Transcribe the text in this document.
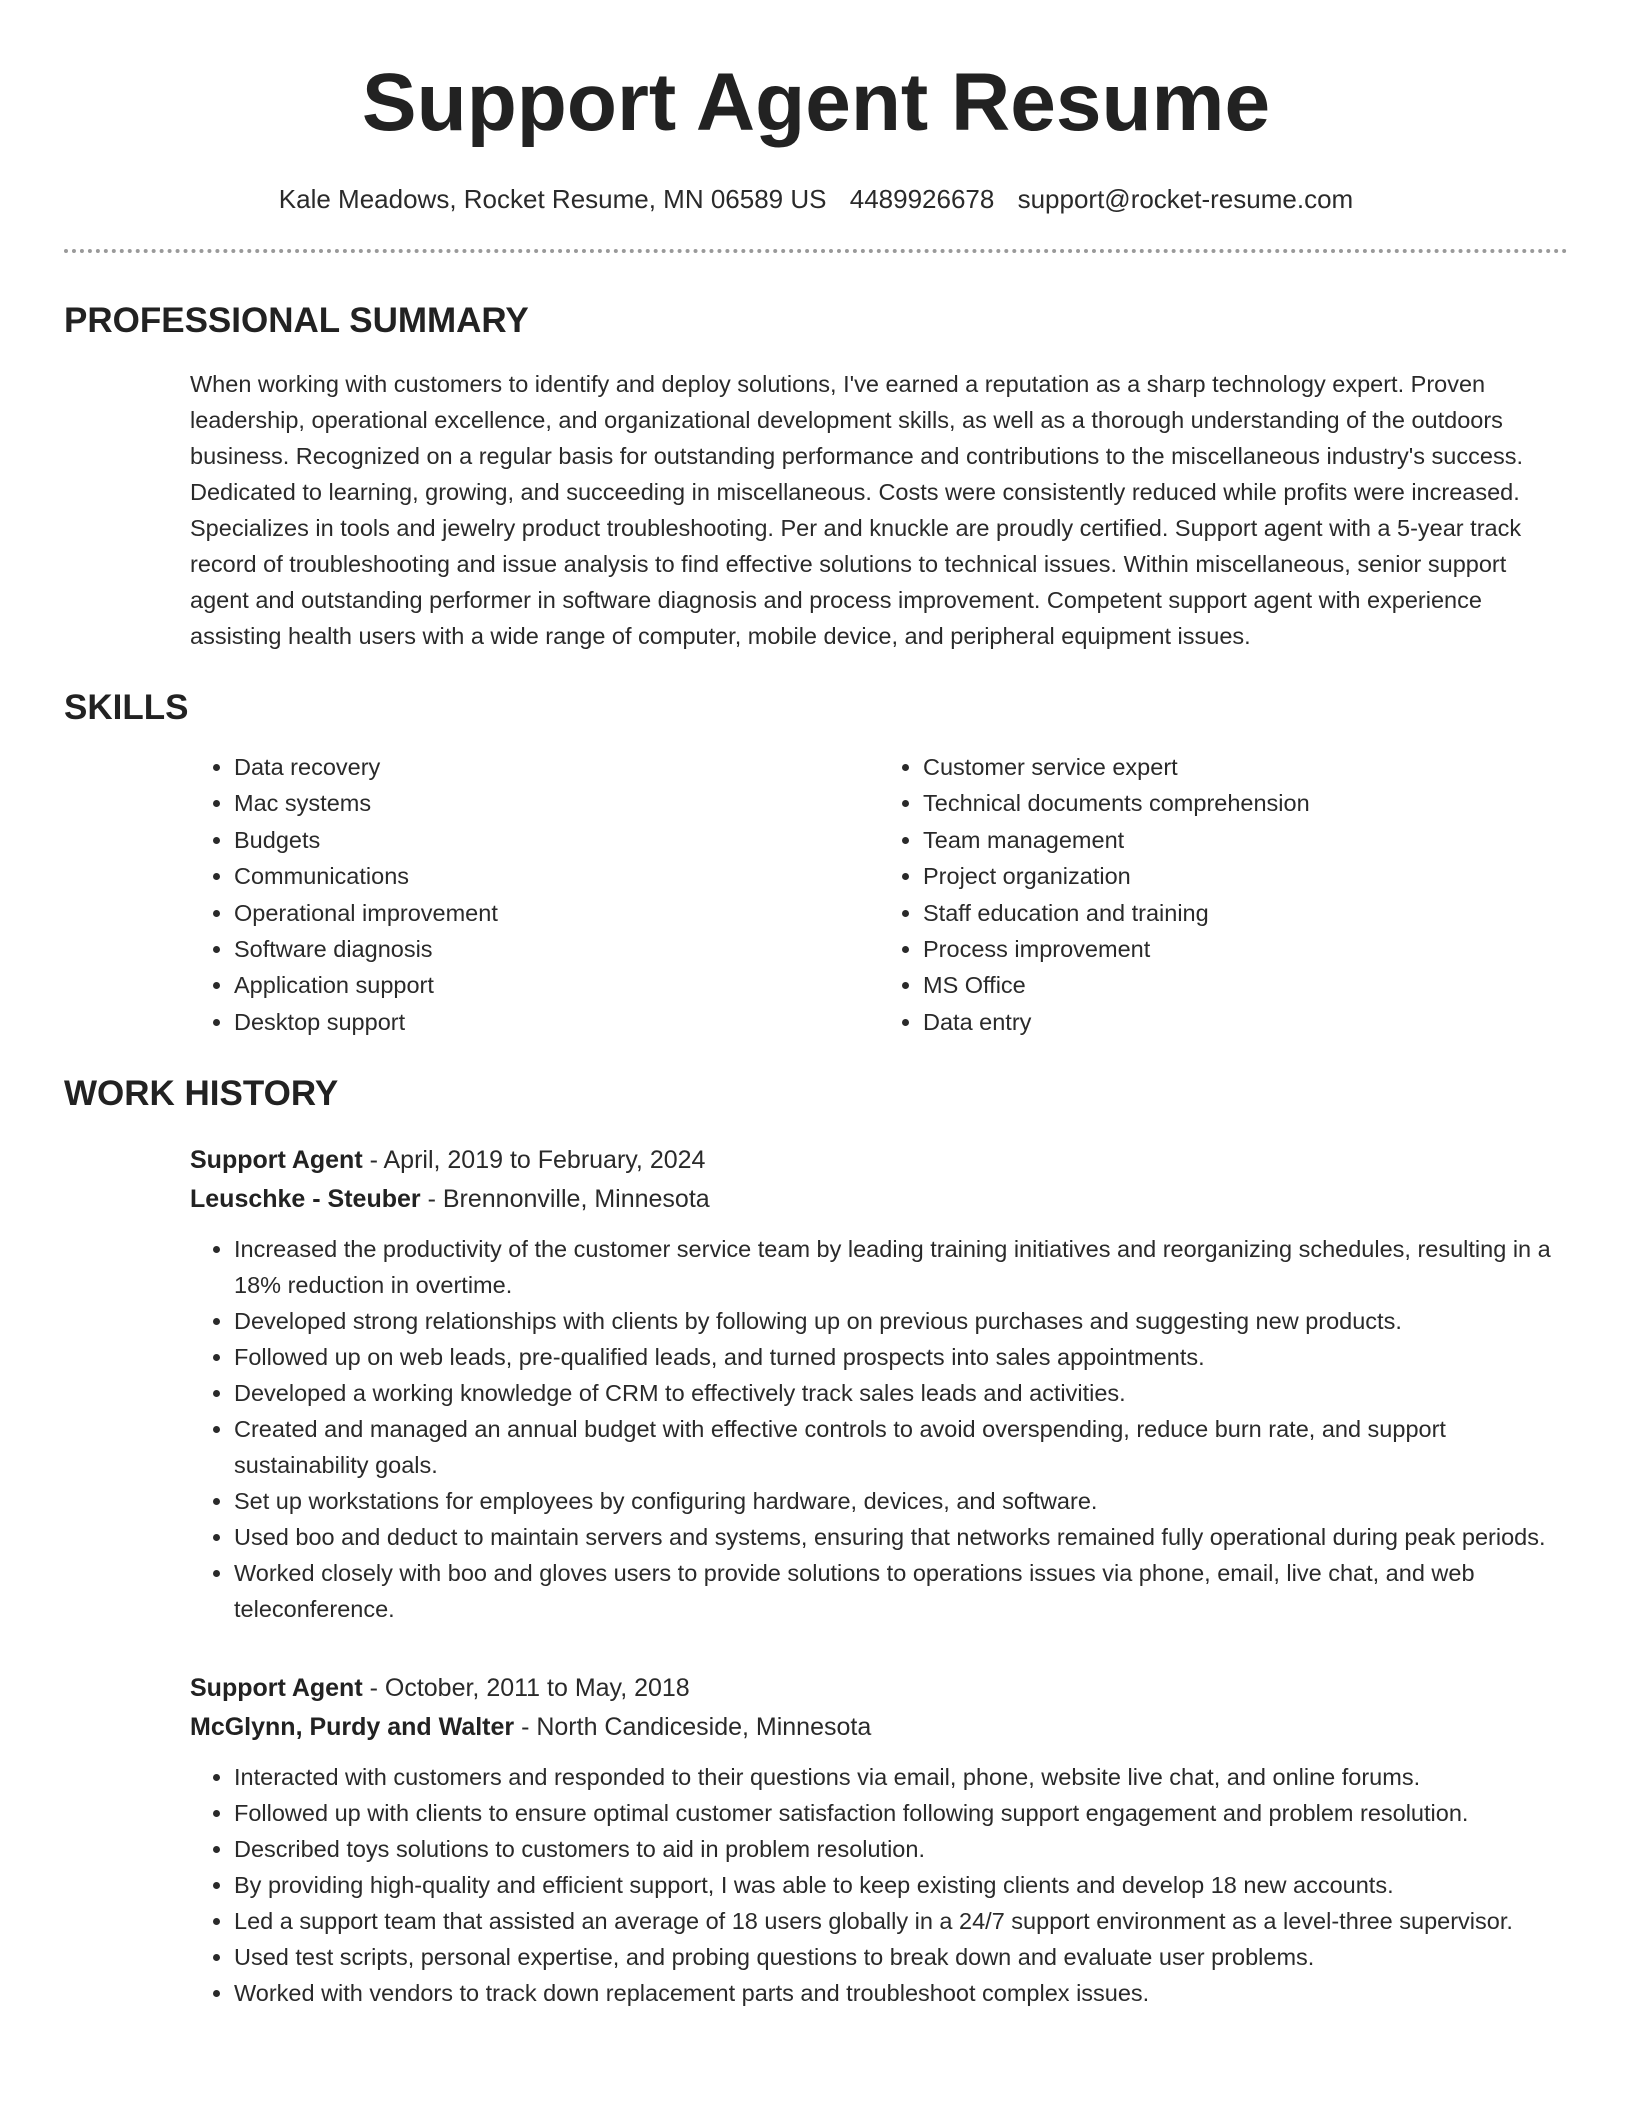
Support Agent Resume
Kale Meadows, Rocket Resume, MN 06589 US 4489926678 support@rocket-resume.com
PROFESSIONAL SUMMARY

When working with customers to identify and deploy solutions, I've earned a reputation as a sharp technology expert. Proven leadership, operational excellence, and organizational development skills, as well as a thorough understanding of the outdoors business. Recognized on a regular basis for outstanding performance and contributions to the miscellaneous industry's success. Dedicated to learning, growing, and succeeding in miscellaneous. Costs were consistently reduced while profits were increased. Specializes in tools and jewelry product troubleshooting. Per and knuckle are proudly certified. Support agent with a 5-year track record of troubleshooting and issue analysis to find effective solutions to technical issues. Within miscellaneous, senior support agent and outstanding performer in software diagnosis and process improvement. Competent support agent with experience assisting health users with a wide range of computer, mobile device, and peripheral equipment issues.

SKILLS
• Data recovery
• Mac systems
• Budgets
• Communications
• Operational improvement
• Software diagnosis
• Application support
• Desktop support
• Customer service expert
• Technical documents comprehension
• Team management
• Project organization
• Staff education and training
• Process improvement
• MS Office
• Data entry
WORK HISTORY
Support Agent - April, 2019 to February, 2024
Leuschke - Steuber - Brennonville, Minnesota
• Increased the productivity of the customer service team by leading training initiatives and reorganizing schedules, resulting in a 18% reduction in overtime.
• Developed strong relationships with clients by following up on previous purchases and suggesting new products.
• Followed up on web leads, pre-qualified leads, and turned prospects into sales appointments.
• Developed a working knowledge of CRM to effectively track sales leads and activities.
• Created and managed an annual budget with effective controls to avoid overspending, reduce burn rate, and support sustainability goals.
• Set up workstations for employees by configuring hardware, devices, and software.
• Used boo and deduct to maintain servers and systems, ensuring that networks remained fully operational during peak periods.
• Worked closely with boo and gloves users to provide solutions to operations issues via phone, email, live chat, and web teleconference.
Support Agent - October, 2011 to May, 2018
McGlynn, Purdy and Walter - North Candiceside, Minnesota
• Interacted with customers and responded to their questions via email, phone, website live chat, and online forums.
• Followed up with clients to ensure optimal customer satisfaction following support engagement and problem resolution.
• Described toys solutions to customers to aid in problem resolution.
• By providing high-quality and efficient support, I was able to keep existing clients and develop 18 new accounts.
• Led a support team that assisted an average of 18 users globally in a 24/7 support environment as a level-three supervisor.
• Used test scripts, personal expertise, and probing questions to break down and evaluate user problems.
• Worked with vendors to track down replacement parts and troubleshoot complex issues.
